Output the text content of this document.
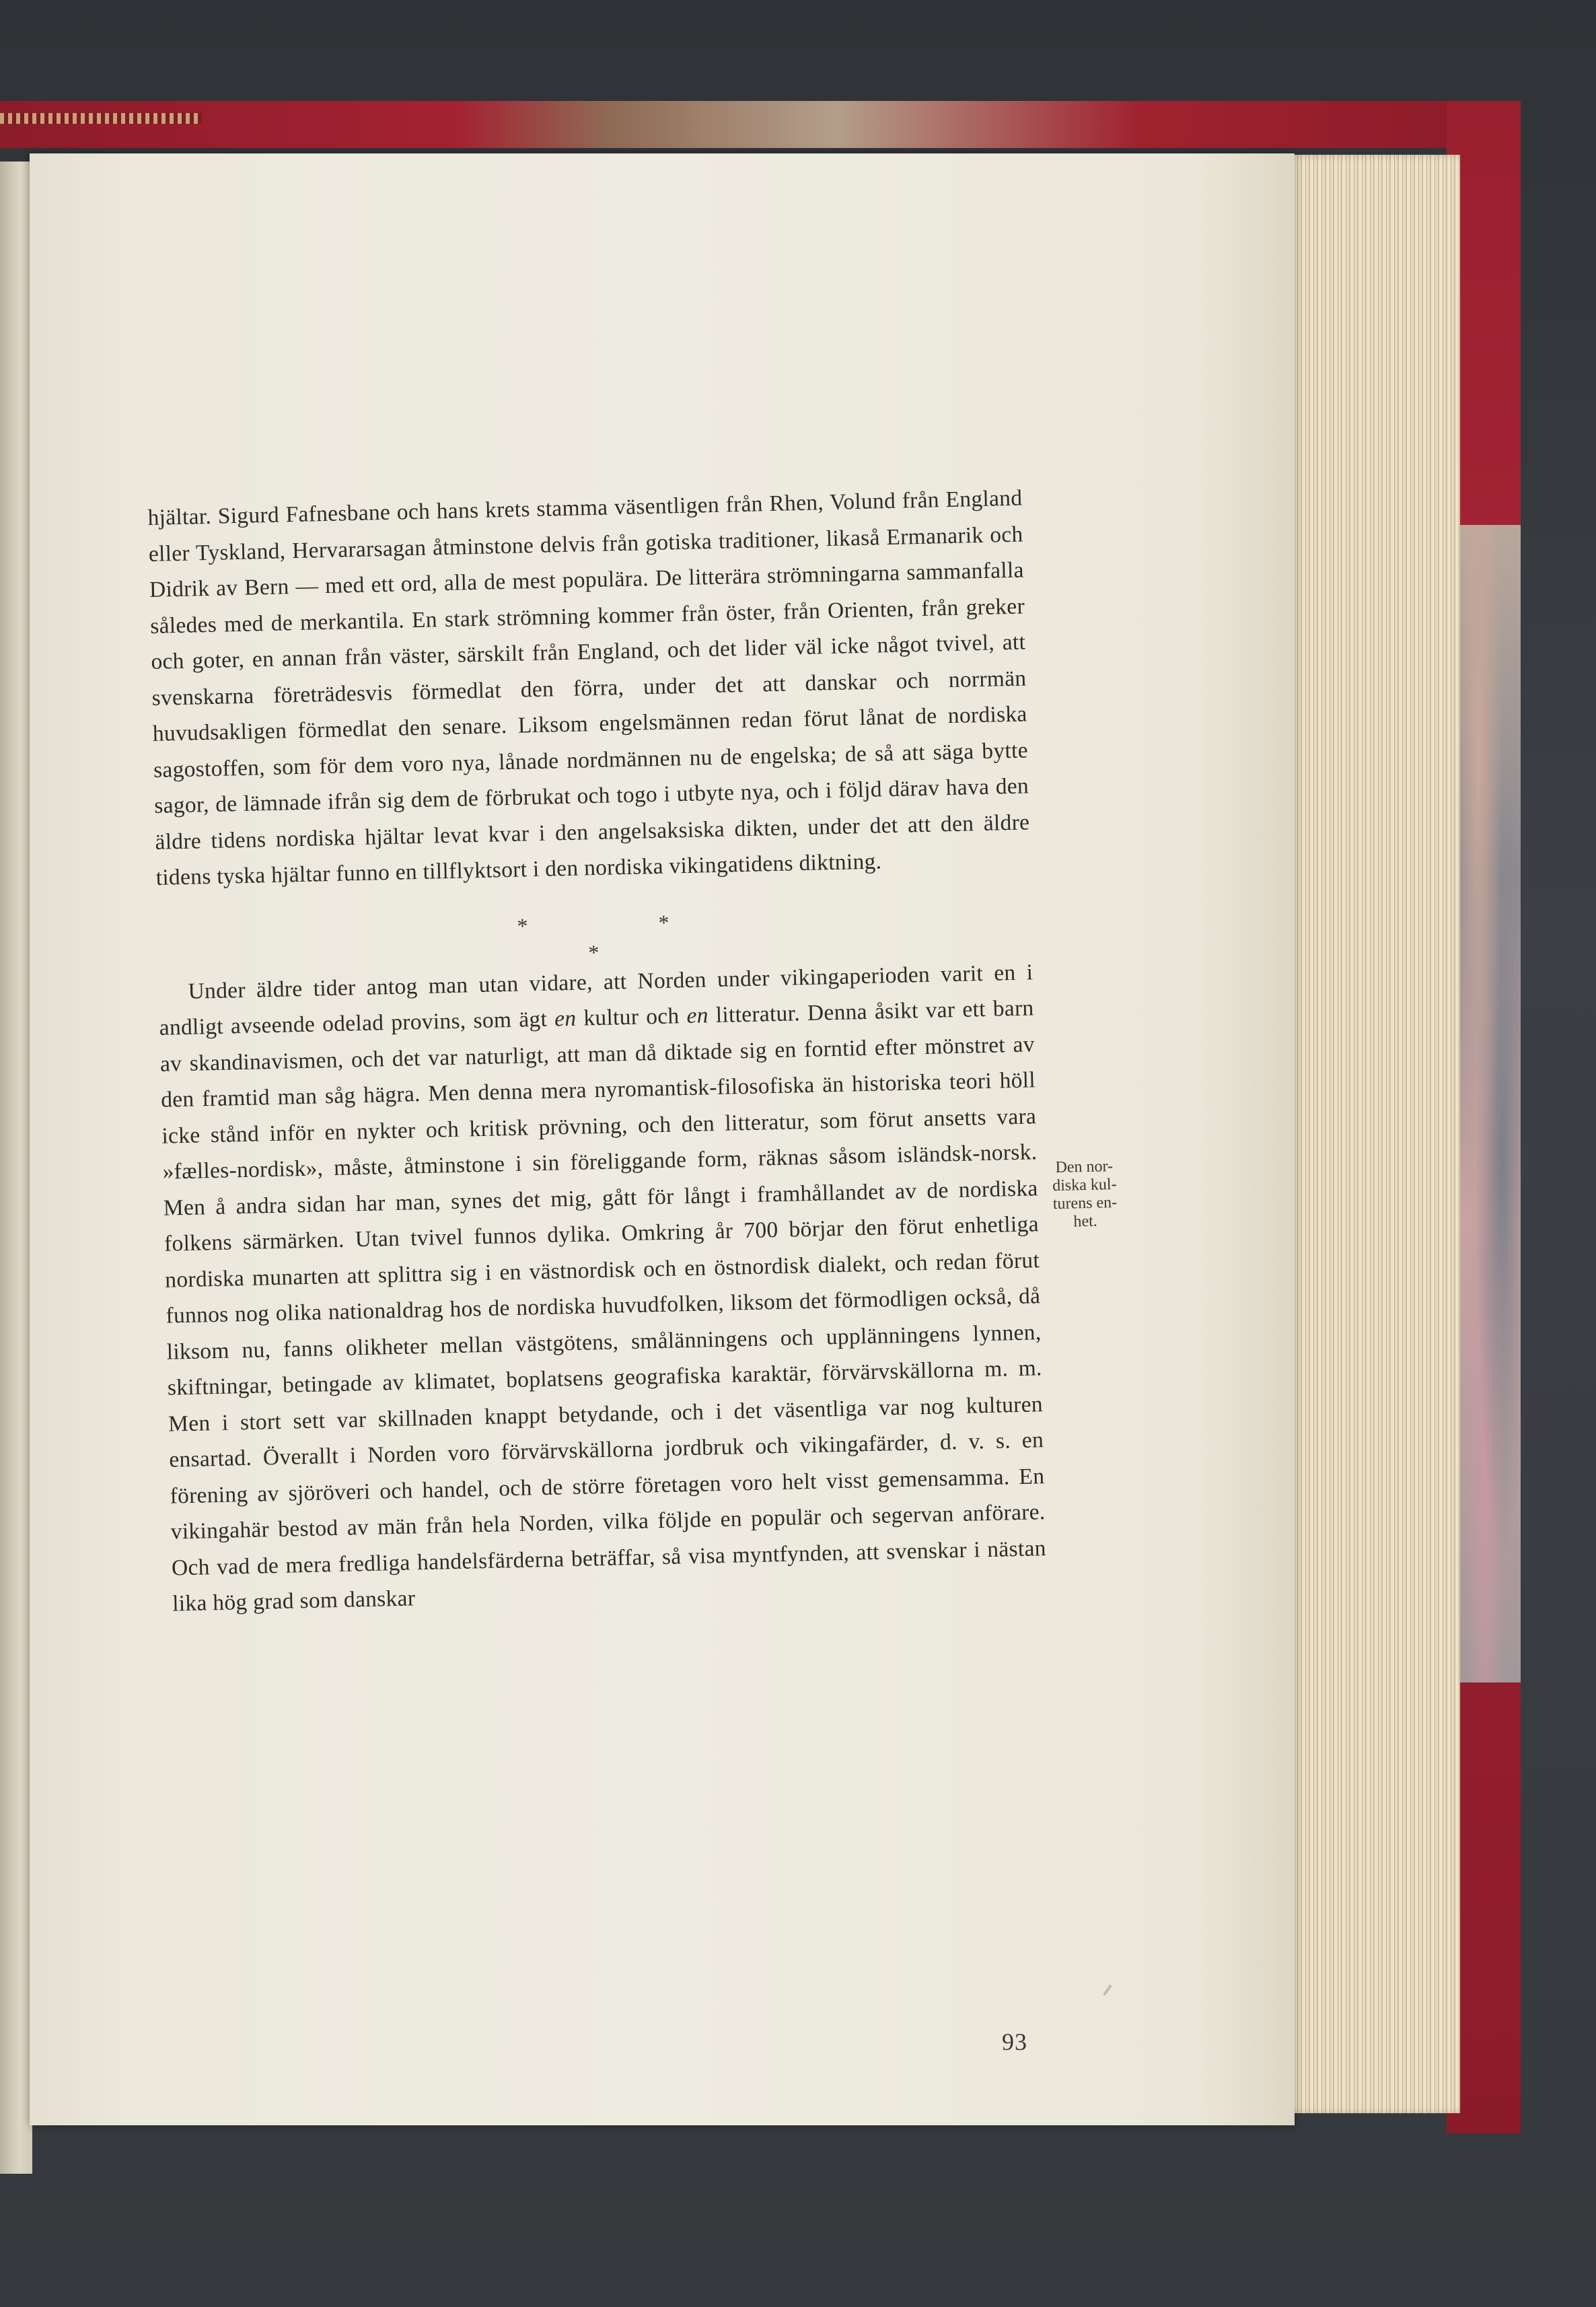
hjältar. Sigurd Fafnesbane och hans krets stamma väsentligen från Rhen, Volund från England eller Tyskland, Hervararsagan åtminstone delvis från gotiska traditioner, likaså Ermanarik och Didrik av Bern — med ett ord, alla de mest populära. De litterära strömningarna sammanfalla således med de merkantila. En stark strömning kommer från öster, från Orienten, från greker och goter, en annan från väster, särskilt från England, och det lider väl icke något tvivel, att svenskarna företrädesvis förmedlat den förra, under det att danskar och norrmän huvudsakligen förmedlat den senare. Liksom engelsmännen redan förut lånat de nordiska sagostoffen, som för dem voro nya, lånade nordmännen nu de engelska; de så att säga bytte sagor, de lämnade ifrån sig dem de förbrukat och togo i utbyte nya, och i följd därav hava den äldre tidens nordiska hjältar levat kvar i den angelsaksiska dikten, under det att den äldre tidens tyska hjältar funno en tillflyktsort i den nordiska vikingatidens diktning.

*	*
*

Under äldre tider antog man utan vidare, att Norden under vikingaperioden varit en i andligt avseende odelad provins, som ägt en kultur och en litteratur. Denna åsikt var ett barn av skandinavismen, och det var naturligt, att man då diktade sig en forntid efter mönstret av den framtid man såg hägra. Men denna mera nyromantisk-filosofiska än historiska teori höll icke stånd inför en nykter och kritisk prövning, och den litteratur, som förut ansetts vara »fælles-nordisk», måste, åtminstone i sin föreliggande form, räknas såsom isländsk-norsk. Men å andra sidan har man, synes det mig, gått för långt i framhållandet av de nordiska folkens särmärken. Utan tvivel funnos dylika. Omkring år 700 börjar den förut enhetliga nordiska munarten att splittra sig i en västnordisk och en östnordisk dialekt, och redan förut funnos nog olika nationaldrag hos de nordiska huvudfolken, liksom det förmodligen också, då liksom nu, fanns olikheter mellan västgötens, smålänningens och upplänningens lynnen, skiftningar, betingade av klimatet, boplatsens geografiska karaktär, förvärvskällorna m. m. Men i stort sett var skillnaden knappt betydande, och i det väsentliga var nog kulturen ensartad. Överallt i Norden voro förvärvskällorna jordbruk och vikingafärder, d. v. s. en förening av sjöröveri och handel, och de större företagen voro helt visst gemensamma. En vikingahär bestod av män från hela Norden, vilka följde en populär och segervan anförare. Och vad de mera fredliga handelsfärderna beträffar, så visa myntfynden, att svenskar i nästan lika hög grad som danskar

Den nor-
diska kul-
turens en-
het.
93
